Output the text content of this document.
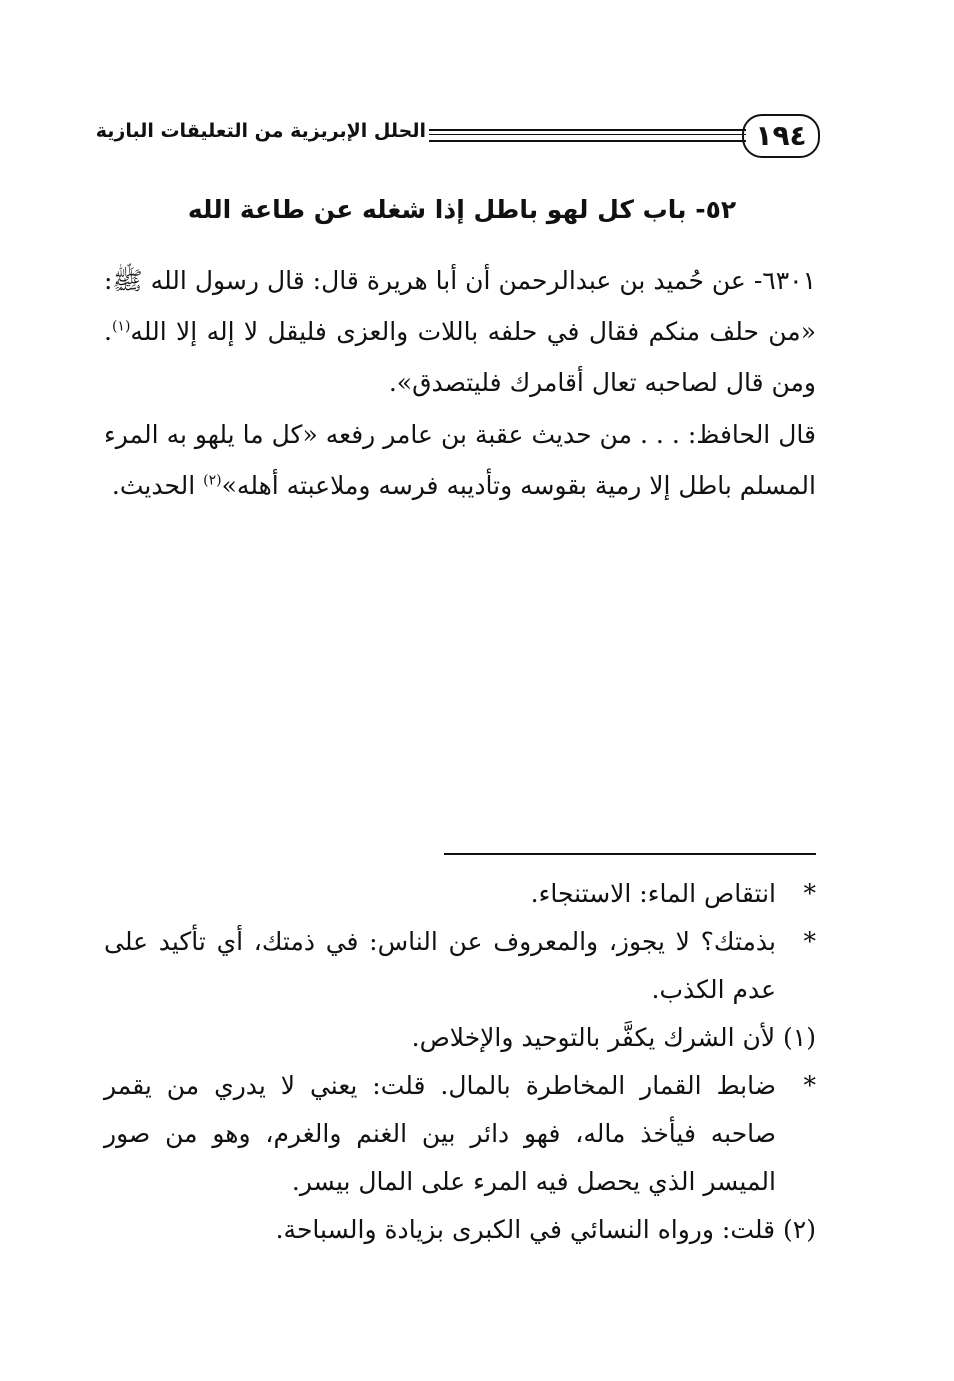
١٩٤
الحلل الإبريزية من التعليقات البازية
٥٢- باب كل لهو باطل إذا شغله عن طاعة الله
٦٣٠١- عن حُميد بن عبدالرحمن أن أبا هريرة قال: قال رسول الله ﷺ: «من حلف منكم فقال في حلفه باللات والعزى فليقل لا إله إلا الله$^{(١)}$. ومن قال لصاحبه تعال أقامرك فليتصدق».
قال الحافظ: . . . من حديث عقبة بن عامر رفعه «كل ما يلهو به المرء المسلم باطل إلا رمية بقوسه وتأديبه فرسه وملاعبته أهله»$^{(٢)}$ الحديث.
*
انتقاص الماء: الاستنجاء.
*
بذمتك؟ لا يجوز، والمعروف عن الناس: في ذمتك، أي تأكيد على عدم الكذب.
(١) لأن الشرك يكفَّر بالتوحيد والإخلاص.
*
ضابط القمار المخاطرة بالمال. قلت: يعني لا يدري من يقمر صاحبه فيأخذ ماله، فهو دائر بين الغنم والغرم، وهو من صور الميسر الذي يحصل فيه المرء على المال بيسر.
(٢) قلت: ورواه النسائي في الكبرى بزيادة والسباحة.
